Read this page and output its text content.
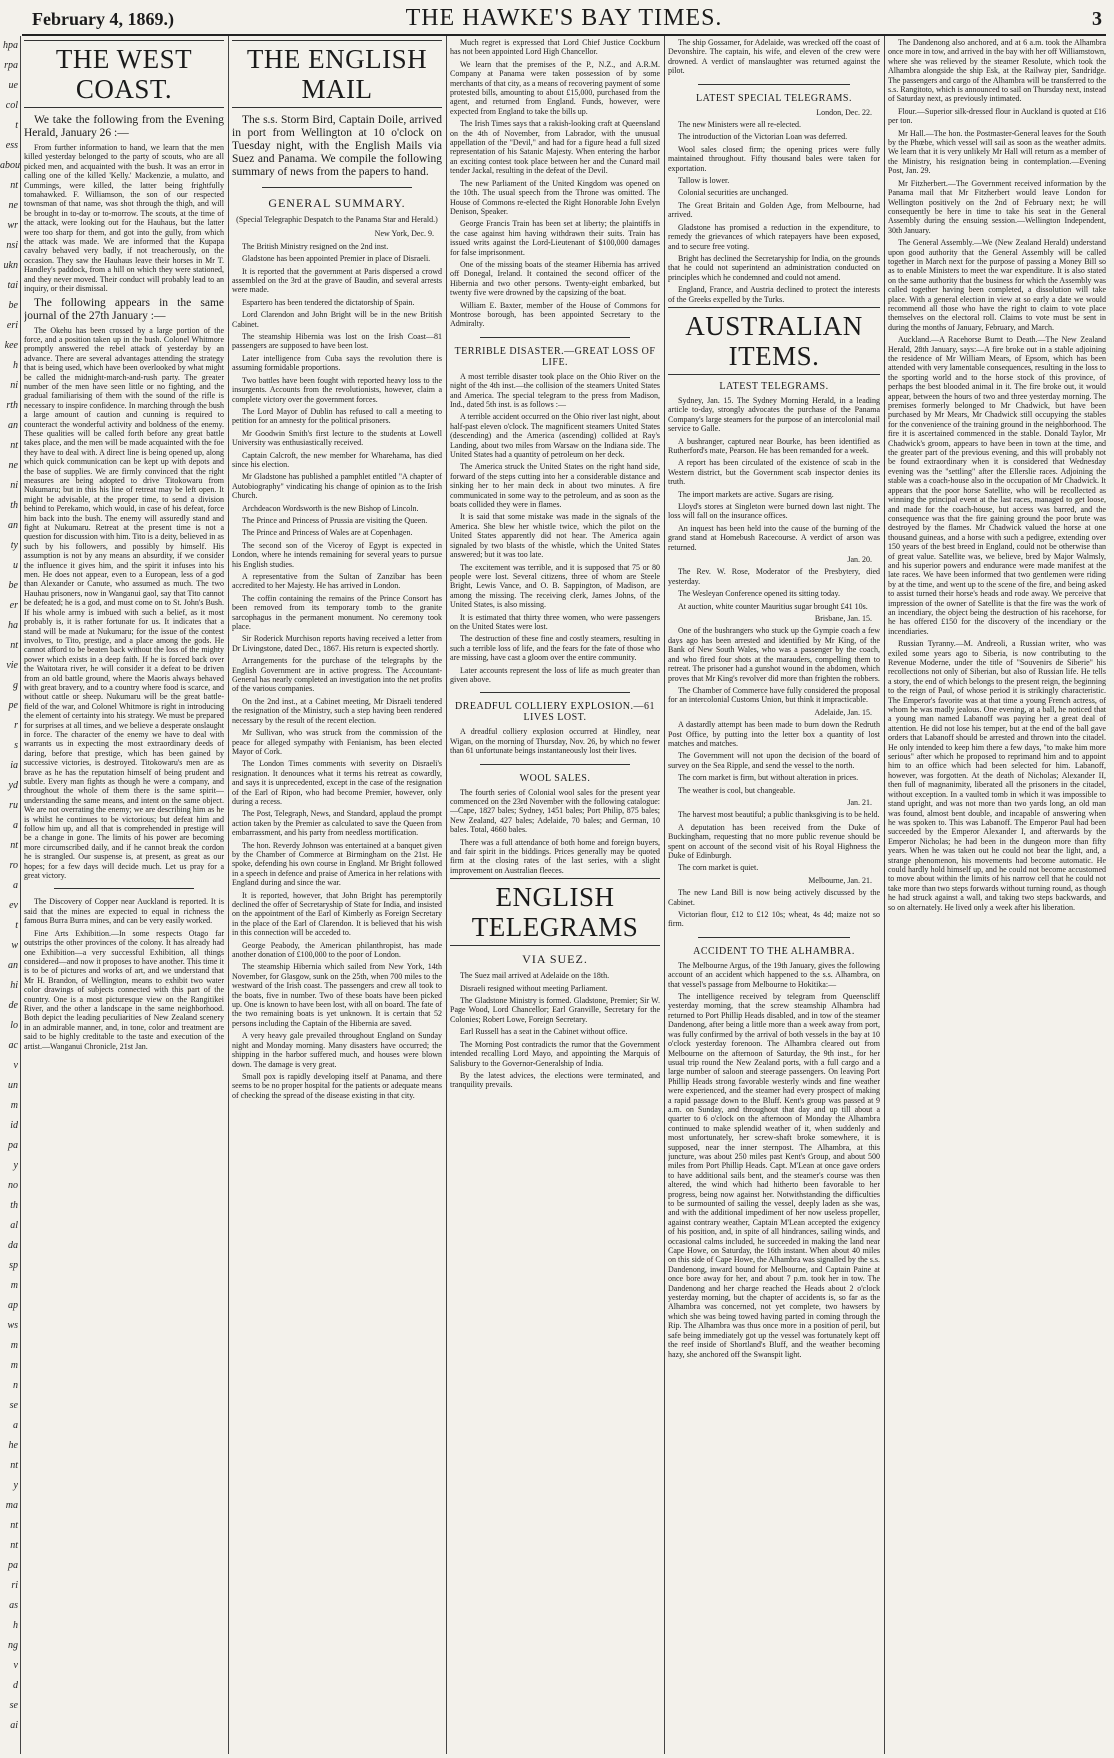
February 4, 1869.)	THE HAWKE'S BAY TIMES.	3
hpa
rpa
ue
col
t
ess
abou
nt
ne
wr
nsi
ukn
tai
be
eri
kee
h
ni
rth
an
nt
ne
ni
th
an
ty
u
be
er
ha
nt
vie
g
pe
r
s
ia
yd
ru
a
nt
ro
a
ev
t
w
an
hi
de
lo
ac
v
un
m
id
pa
y
no
th
al
da
sp
m
ap
ws
m
m
n
se
a
he
nt
y
ma
nt
nt
pa
ri
as
h
ng
v
d
se
ai
THE WEST COAST.

We take the following from the Evening Herald, January 26 :—

From further information to hand, we learn that the men killed yesterday belonged to the party of scouts, who are all picked men, and acquainted with the bush. It was an error in calling one of the killed 'Kelly.' Mackenzie, a mulatto, and Cummings, were killed, the latter being frightfully tomahawked. F. Williamson, the son of our respected townsman of that name, was shot through the thigh, and will be brought in to-day or to-morrow. The scouts, at the time of the attack, were looking out for the Hauhaus, but the latter were too sharp for them, and got into the gully, from which the attack was made. We are informed that the Kupapa cavalry behaved very badly, if not treacherously, on the occasion. They saw the Hauhaus leave their horses in Mr T. Handley's paddock, from a hill on which they were stationed, and they never moved. Their conduct will probably lead to an inquiry, or their dismissal.

The following appears in the same journal of the 27th January :—

The Okehu has been crossed by a large portion of the force, and a position taken up in the bush. Colonel Whitmore promptly answered the rebel attack of yesterday by an advance. There are several advantages attending the strategy that is being used, which have been overlooked by what might be called the midnight-march-and-rush party. The greater number of the men have seen little or no fighting, and the gradual familiarising of them with the sound of the rifle is necessary to inspire confidence. In marching through the bush a large amount of caution and cunning is required to counteract the wonderful activity and boldness of the enemy. These qualities will be called forth before any great battle takes place, and the men will be made acquainted with the foe they have to deal with. A direct line is being opened up, along which quick communication can be kept up with depots and the base of supplies. We are firmly convinced that the right measures are being adopted to drive Titokowaru from Nukumaru; but in this his line of retreat may be left open. It might be advisable, at the proper time, to send a division behind to Perekamo, which would, in case of his defeat, force him back into the bush. The enemy will assuredly stand and fight at Nukumaru. Retreat at the present time is not a question for discussion with him. Tito is a deity, believed in as such by his followers, and possibly by himself. His assumption is not by any means an absurdity, if we consider the influence it gives him, and the spirit it infuses into his men. He does not appear, even to a European, less of a god than Alexander or Canute, who assumed as much. The two Hauhau prisoners, now in Wanganui gaol, say that Tito cannot be defeated; he is a god, and must come on to St. John's Bush. If his whole army is imbued with such a belief, as it most probably is, it is rather fortunate for us. It indicates that a stand will be made at Nukumaru; for the issue of the contest involves, to Tito, prestige, and a place among the gods. He cannot afford to be beaten back without the loss of the mighty power which exists in a deep faith. If he is forced back over the Waitotara river, he will consider it a defeat to be driven from an old battle ground, where the Maoris always behaved with great bravery, and to a country where food is scarce, and without cattle or sheep. Nukumaru will be the great battle-field of the war, and Colonel Whitmore is right in introducing the element of certainty into his strategy. We must be prepared for surprises at all times, and we believe a desperate onslaught in force. The character of the enemy we have to deal with warrants us in expecting the most extraordinary deeds of daring, before that prestige, which has been gained by successive victories, is destroyed. Titokowaru's men are as brave as he has the reputation himself of being prudent and subtle. Every man fights as though he were a company, and throughout the whole of them there is the same spirit—understanding the same means, and intent on the same object. We are not overrating the enemy; we are describing him as he is whilst he continues to be victorious; but defeat him and follow him up, and all that is comprehended in prestige will be a change in gone. The limits of his power are becoming more circumscribed daily, and if he cannot break the cordon he is strangled. Our suspense is, at present, as great as our hopes; for a few days will decide much. Let us pray for a great victory.

The Discovery of Copper near Auckland is reported. It is said that the mines are expected to equal in richness the famous Burra Burra mines, and can be very easily worked.

Fine Arts Exhibition.—In some respects Otago far outstrips the other provinces of the colony. It has already had one Exhibition—a very successful Exhibition, all things considered—and now it proposes to have another. This time it is to be of pictures and works of art, and we understand that Mr H. Brandon, of Wellington, means to exhibit two water color drawings of subjects connected with this part of the country. One is a most picturesque view on the Rangitikei River, and the other a landscape in the same neighborhood. Both depict the leading peculiarities of New Zealand scenery in an admirable manner, and, in tone, color and treatment are said to be highly creditable to the taste and execution of the artist.—Wanganui Chronicle, 21st Jan.

THE ENGLISH MAIL

The s.s. Storm Bird, Captain Doile, arrived in port from Wellington at 10 o'clock on Tuesday night, with the English Mails via Suez and Panama. We compile the following summary of news from the papers to hand.

GENERAL SUMMARY.

(Special Telegraphic Despatch to the Panama Star and Herald.)

New York, Dec. 9.

The British Ministry resigned on the 2nd inst.

Gladstone has been appointed Premier in place of Disraeli.

It is reported that the government at Paris dispersed a crowd assembled on the 3rd at the grave of Baudin, and several arrests were made.

Espartero has been tendered the dictatorship of Spain.

Lord Clarendon and John Bright will be in the new British Cabinet.

The steamship Hibernia was lost on the Irish Coast—81 passengers are supposed to have been lost.

Later intelligence from Cuba says the revolution there is assuming formidable proportions.

Two battles have been fought with reported heavy loss to the insurgents. Accounts from the revolutionists, however, claim a complete victory over the government forces.

The Lord Mayor of Dublin has refused to call a meeting to petition for an amnesty for the political prisoners.

Mr Goodwin Smith's first lecture to the students at Lowell University was enthusiastically received.

Captain Calcroft, the new member for Wharehama, has died since his election.

Mr Gladstone has published a pamphlet entitled "A chapter of Autobiography" vindicating his change of opinion as to the Irish Church.

Archdeacon Wordsworth is the new Bishop of Lincoln.

The Prince and Princess of Prussia are visiting the Queen.

The Prince and Princess of Wales are at Copenhagen.

The second son of the Viceroy of Egypt is expected in London, where he intends remaining for several years to pursue his English studies.

A representative from the Sultan of Zanzibar has been accredited to her Majesty. He has arrived in London.

The coffin containing the remains of the Prince Consort has been removed from its temporary tomb to the granite sarcophagus in the permanent monument. No ceremony took place.

Sir Roderick Murchison reports having received a letter from Dr Livingstone, dated Dec., 1867. His return is expected shortly.

Arrangements for the purchase of the telegraphs by the English Government are in active progress. The Accountant-General has nearly completed an investigation into the net profits of the various companies.

On the 2nd inst., at a Cabinet meeting, Mr Disraeli tendered the resignation of the Ministry, such a step having been rendered necessary by the result of the recent election.

Mr Sullivan, who was struck from the commission of the peace for alleged sympathy with Fenianism, has been elected Mayor of Cork.

The London Times comments with severity on Disraeli's resignation. It denounces what it terms his retreat as cowardly, and says it is unprecedented, except in the case of the resignation of the Earl of Ripon, who had become Premier, however, only during a recess.

The Post, Telegraph, News, and Standard, applaud the prompt action taken by the Premier as calculated to save the Queen from embarrassment, and his party from needless mortification.

The hon. Reverdy Johnson was entertained at a banquet given by the Chamber of Commerce at Birmingham on the 21st. He spoke, defending his own course in England. Mr Bright followed in a speech in defence and praise of America in her relations with England during and since the war.

It is reported, however, that John Bright has peremptorily declined the offer of Secretaryship of State for India, and insisted on the appointment of the Earl of Kimberly as Foreign Secretary in the place of the Earl of Clarendon. It is believed that his wish in this connection will be acceded to.

George Peabody, the American philanthropist, has made another donation of £100,000 to the poor of London.

The steamship Hibernia which sailed from New York, 14th November, for Glasgow, sunk on the 25th, when 700 miles to the westward of the Irish coast. The passengers and crew all took to the boats, five in number. Two of these boats have been picked up. One is known to have been lost, with all on board. The fate of the two remaining boats is yet unknown. It is certain that 52 persons including the Captain of the Hibernia are saved.

A very heavy gale prevailed throughout England on Sunday night and Monday morning. Many disasters have occurred; the shipping in the harbor suffered much, and houses were blown down. The damage is very great.

Small pox is rapidly developing itself at Panama, and there seems to be no proper hospital for the patients or adequate means of checking the spread of the disease existing in that city.

Much regret is expressed that Lord Chief Justice Cockburn has not been appointed Lord High Chancellor.

We learn that the premises of the P., N.Z., and A.R.M. Company at Panama were taken possession of by some merchants of that city, as a means of recovering payment of some protested bills, amounting to about £15,000, purchased from the agent, and returned from England. Funds, however, were expected from England to take the bills up.

The Irish Times says that a rakish-looking craft at Queensland on the 4th of November, from Labrador, with the unusual appellation of the "Devil," and had for a figure head a full sized representation of his Satanic Majesty. When entering the harbor an exciting contest took place between her and the Cunard mail tender Jackal, resulting in the defeat of the Devil.

The new Parliament of the United Kingdom was opened on the 10th. The usual speech from the Throne was omitted. The House of Commons re-elected the Right Honorable John Evelyn Denison, Speaker.

George Francis Train has been set at liberty; the plaintiffs in the case against him having withdrawn their suits. Train has issued writs against the Lord-Lieutenant of $100,000 damages for false imprisonment.

One of the missing boats of the steamer Hibernia has arrived off Donegal, Ireland. It contained the second officer of the Hibernia and two other persons. Twenty-eight embarked, but twenty five were drowned by the capsizing of the boat.

William E. Baxter, member of the House of Commons for Montrose borough, has been appointed Secretary to the Admiralty.

TERRIBLE DISASTER.—GREAT LOSS OF LIFE.

A most terrible disaster took place on the Ohio River on the night of the 4th inst.—the collision of the steamers United States and America. The special telegram to the press from Madison, Ind., dated 5th inst. is as follows :—

A terrible accident occurred on the Ohio river last night, about half-past eleven o'clock. The magnificent steamers United States (descending) and the America (ascending) collided at Ray's Landing, about two miles from Warsaw on the Indiana side. The United States had a quantity of petroleum on her deck.

The America struck the United States on the right hand side, forward of the steps cutting into her a considerable distance and sinking her to her main deck in about two minutes. A fire communicated in some way to the petroleum, and as soon as the boats collided they were in flames.

It is said that some mistake was made in the signals of the America. She blew her whistle twice, which the pilot on the United States apparently did not hear. The America again signaled by two blasts of the whistle, which the United States answered; but it was too late.

The excitement was terrible, and it is supposed that 75 or 80 people were lost. Several citizens, three of whom are Steele Bright, Lewis Vance, and O. B. Sappington, of Madison, are among the missing. The receiving clerk, James Johns, of the United States, is also missing.

It is estimated that thirty three women, who were passengers on the United States were lost.

The destruction of these fine and costly steamers, resulting in such a terrible loss of life, and the fears for the fate of those who are missing, have cast a gloom over the entire community.

Later accounts represent the loss of life as much greater than given above.

DREADFUL COLLIERY EXPLOSION.—61 LIVES LOST.

A dreadful colliery explosion occurred at Hindley, near Wigan, on the morning of Thursday, Nov. 26, by which no fewer than 61 unfortunate beings instantaneously lost their lives.

WOOL SALES.

The fourth series of Colonial wool sales for the present year commenced on the 23rd November with the following catalogue:—Cape, 1827 bales; Sydney, 1451 bales; Port Philip, 875 bales; New Zealand, 427 bales; Adelaide, 70 bales; and German, 10 bales. Total, 4660 bales.

There was a full attendance of both home and foreign buyers, and fair spirit in the biddings. Prices generally may be quoted firm at the closing rates of the last series, with a slight improvement on Australian fleeces.

ENGLISH TELEGRAMS
VIA SUEZ.

The Suez mail arrived at Adelaide on the 18th.

Disraeli resigned without meeting Parliament.

The Gladstone Ministry is formed. Gladstone, Premier; Sir W. Page Wood, Lord Chancellor; Earl Granville, Secretary for the Colonies; Robert Lowe, Foreign Secretary.

Earl Russell has a seat in the Cabinet without office.

The Morning Post contradicts the rumor that the Government intended recalling Lord Mayo, and appointing the Marquis of Salisbury to the Governor-Generalship of India.

By the latest advices, the elections were terminated, and tranquility prevails.

The ship Gossamer, for Adelaide, was wrecked off the coast of Devonshire. The captain, his wife, and eleven of the crew were drowned. A verdict of manslaughter was returned against the pilot.

LATEST SPECIAL TELEGRAMS.

London, Dec. 22.

The new Ministers were all re-elected.

The introduction of the Victorian Loan was deferred.

Wool sales closed firm; the opening prices were fully maintained throughout. Fifty thousand bales were taken for exportation.

Tallow is lower.

Colonial securities are unchanged.

The Great Britain and Golden Age, from Melbourne, had arrived.

Gladstone has promised a reduction in the expenditure, to remedy the grievances of which ratepayers have been exposed, and to secure free voting.

Bright has declined the Secretaryship for India, on the grounds that he could not superintend an administration conducted on principles which he condemned and could not amend.

England, France, and Austria declined to protect the interests of the Greeks expelled by the Turks.

AUSTRALIAN ITEMS.
LATEST TELEGRAMS.

Sydney, Jan. 15. The Sydney Morning Herald, in a leading article to-day, strongly advocates the purchase of the Panama Company's large steamers for the purpose of an intercolonial mail service to Galle.

A bushranger, captured near Bourke, has been identified as Rutherford's mate, Pearson. He has been remanded for a week.

A report has been circulated of the existence of scab in the Western district, but the Government scab inspector denies its truth.

The import markets are active. Sugars are rising.

Lloyd's stores at Singleton were burned down last night. The loss will fall on the insurance offices.

An inquest has been held into the cause of the burning of the grand stand at Homebush Racecourse. A verdict of arson was returned.

Jan. 20.

The Rev. W. Rose, Moderator of the Presbytery, died yesterday.

The Wesleyan Conference opened its sitting today.

At auction, white counter Mauritius sugar brought £41 10s.

Brisbane, Jan. 15.

One of the bushrangers who stuck up the Gympie coach a few days ago has been arrested and identified by Mr King, of the Bank of New South Wales, who was a passenger by the coach, and who fired four shots at the marauders, compelling them to retreat. The prisoner had a gunshot wound in the abdomen, which proves that Mr King's revolver did more than frighten the robbers.

The Chamber of Commerce have fully considered the proposal for an intercolonial Customs Union, but think it impracticable.

Adelaide, Jan. 15.

A dastardly attempt has been made to burn down the Redruth Post Office, by putting into the letter box a quantity of lost matches and matches.

The Government will not upon the decision of the board of survey on the Sea Ripple, and send the vessel to the north.

The corn market is firm, but without alteration in prices.

The weather is cool, but changeable.

Jan. 21.

The harvest most beautiful; a public thanksgiving is to be held.

A deputation has been received from the Duke of Buckingham, requesting that no more public revenue should be spent on account of the second visit of his Royal Highness the Duke of Edinburgh.

The corn market is quiet.

Melbourne, Jan. 21.

The new Land Bill is now being actively discussed by the Cabinet.

Victorian flour, £12 to £12 10s; wheat, 4s 4d; maize not so firm.

ACCIDENT TO THE ALHAMBRA.

The Melbourne Argus, of the 19th January, gives the following account of an accident which happened to the s.s. Alhambra, on that vessel's passage from Melbourne to Hokitika:—

The intelligence received by telegram from Queenscliff yesterday morning, that the screw steamship Alhambra had returned to Port Phillip Heads disabled, and in tow of the steamer Dandenong, after being a little more than a week away from port, was fully confirmed by the arrival of both vessels in the bay at 10 o'clock yesterday forenoon. The Alhambra cleared out from Melbourne on the afternoon of Saturday, the 9th inst., for her usual trip round the New Zealand ports, with a full cargo and a large number of saloon and steerage passengers. On leaving Port Phillip Heads strong favorable westerly winds and fine weather were experienced, and the steamer had every prospect of making a rapid passage down to the Bluff. Kent's group was passed at 9 a.m. on Sunday, and throughout that day and up till about a quarter to 6 o'clock on the afternoon of Monday the Alhambra continued to make splendid weather of it, when suddenly and most unfortunately, her screw-shaft broke somewhere, it is supposed, near the inner sternpost. The Alhambra, at this juncture, was about 250 miles past Kent's Group, and about 500 miles from Port Phillip Heads. Capt. M'Lean at once gave orders to have additional sails bent, and the steamer's course was then altered, the wind which had hitherto been favorable to her progress, being now against her. Notwithstanding the difficulties to be surmounted of sailing the vessel, deeply laden as she was, and with the additional impediment of her now useless propeller, against contrary weather, Captain M'Lean accepted the exigency of his position, and, in spite of all hindrances, sailing winds, and occasional calms included, he succeeded in making the land near Cape Howe, on Saturday, the 16th instant. When about 40 miles on this side of Cape Howe, the Alhambra was signalled by the s.s. Dandenong, inward bound for Melbourne, and Captain Paine at once bore away for her, and about 7 p.m. took her in tow. The Dandenong and her charge reached the Heads about 2 o'clock yesterday morning, but the chapter of accidents is, so far as the Alhambra was concerned, not yet complete, two hawsers by which she was being towed having parted in coming through the Rip. The Alhambra was thus once more in a position of peril, but safe being immediately got up the vessel was fortunately kept off the reef inside of Shortland's Bluff, and the weather becoming hazy, she anchored off the Swanspit light.

The Dandenong also anchored, and at 6 a.m. took the Alhambra once more in tow, and arrived in the bay with her off Williamstown, where she was relieved by the steamer Resolute, which took the Alhambra alongside the ship Esk, at the Railway pier, Sandridge. The passengers and cargo of the Alhambra will be transferred to the s.s. Rangitoto, which is announced to sail on Thursday next, instead of Saturday next, as previously intimated.

Flour.—Superior silk-dressed flour in Auckland is quoted at £16 per ton.

Mr Hall.—The hon. the Postmaster-General leaves for the South by the Phœbe, which vessel will sail as soon as the weather admits. We learn that it is very unlikely Mr Hall will return as a member of the Ministry, his resignation being in contemplation.—Evening Post, Jan. 29.

Mr Fitzherbert.—The Government received information by the Panama mail that Mr Fitzherbert would leave London for Wellington positively on the 2nd of February next; he will consequently be here in time to take his seat in the General Assembly during the ensuing session.—Wellington Independent, 30th January.

The General Assembly.—We (New Zealand Herald) understand upon good authority that the General Assembly will be called together in March next for the purpose of passing a Money Bill so as to enable Ministers to meet the war expenditure. It is also stated on the same authority that the business for which the Assembly was called together having been completed, a dissolution will take place. With a general election in view at so early a date we would recommend all those who have the right to claim to vote place themselves on the electoral roll. Claims to vote must be sent in during the months of January, February, and March.

Auckland.—A Racehorse Burnt to Death.—The New Zealand Herald, 28th January, says:—A fire broke out in a stable adjoining the residence of Mr William Mears, of Epsom, which has been attended with very lamentable consequences, resulting in the loss to the sporting world and to the horse stock of this province, of perhaps the best blooded animal in it. The fire broke out, it would appear, between the hours of two and three yesterday morning. The premises formerly belonged to Mr Chadwick, but have been purchased by Mr Mears, Mr Chadwick still occupying the stables for the convenience of the training ground in the neighborhood. The fire it is ascertained commenced in the stable. Donald Taylor, Mr Chadwick's groom, appears to have been in town at the time, and the greater part of the previous evening, and this will probably not be found extraordinary when it is considered that Wednesday evening was the "settling" after the Ellerslie races. Adjoining the stable was a coach-house also in the occupation of Mr Chadwick. It appears that the poor horse Satellite, who will be recollected as winning the principal event at the last races, managed to get loose, and made for the coach-house, but access was barred, and the consequence was that the fire gaining ground the poor brute was destroyed by the flames. Mr Chadwick valued the horse at one thousand guineas, and a horse with such a pedigree, extending over 150 years of the best breed in England, could not be otherwise than of great value. Satellite was, we believe, bred by Major Walmsly, and his superior powers and endurance were made manifest at the late races. We have been informed that two gentlemen were riding by at the time, and went up to the scene of the fire, and being asked to assist turned their horse's heads and rode away. We perceive that impression of the owner of Satellite is that the fire was the work of an incendiary, the object being the destruction of his racehorse, for he has offered £150 for the discovery of the incendiary or the incendiaries.

Russian Tyranny.—M. Andreoli, a Russian writer, who was exiled some years ago to Siberia, is now contributing to the Revenue Moderne, under the title of "Souvenirs de Siberie" his recollections not only of Siberian, but also of Russian life. He tells a story, the end of which belongs to the present reign, the beginning to the reign of Paul, of whose period it is strikingly characteristic. The Emperor's favorite was at that time a young French actress, of whom he was madly jealous. One evening, at a ball, he noticed that a young man named Labanoff was paying her a great deal of attention. He did not lose his temper, but at the end of the ball gave orders that Labanoff should be arrested and thrown into the citadel. He only intended to keep him there a few days, "to make him more serious" after which he proposed to reprimand him and to appoint him to an office which had been selected for him. Labanoff, however, was forgotten. At the death of Nicholas; Alexander II, then full of magnanimity, liberated all the prisoners in the citadel, without exception. In a vaulted tomb in which it was impossible to stand upright, and was not more than two yards long, an old man was found, almost bent double, and incapable of answering when he was spoken to. This was Labanoff. The Emperor Paul had been succeeded by the Emperor Alexander I, and afterwards by the Emperor Nicholas; he had been in the dungeon more than fifty years. When he was taken out he could not bear the light, and, a strange phenomenon, his movements had become automatic. He could hardly hold himself up, and he could not become accustomed to move about within the limits of his narrow cell that he could not take more than two steps forwards without turning round, as though he had struck against a wall, and taking two steps backwards, and so on alternately. He lived only a week after his liberation.
